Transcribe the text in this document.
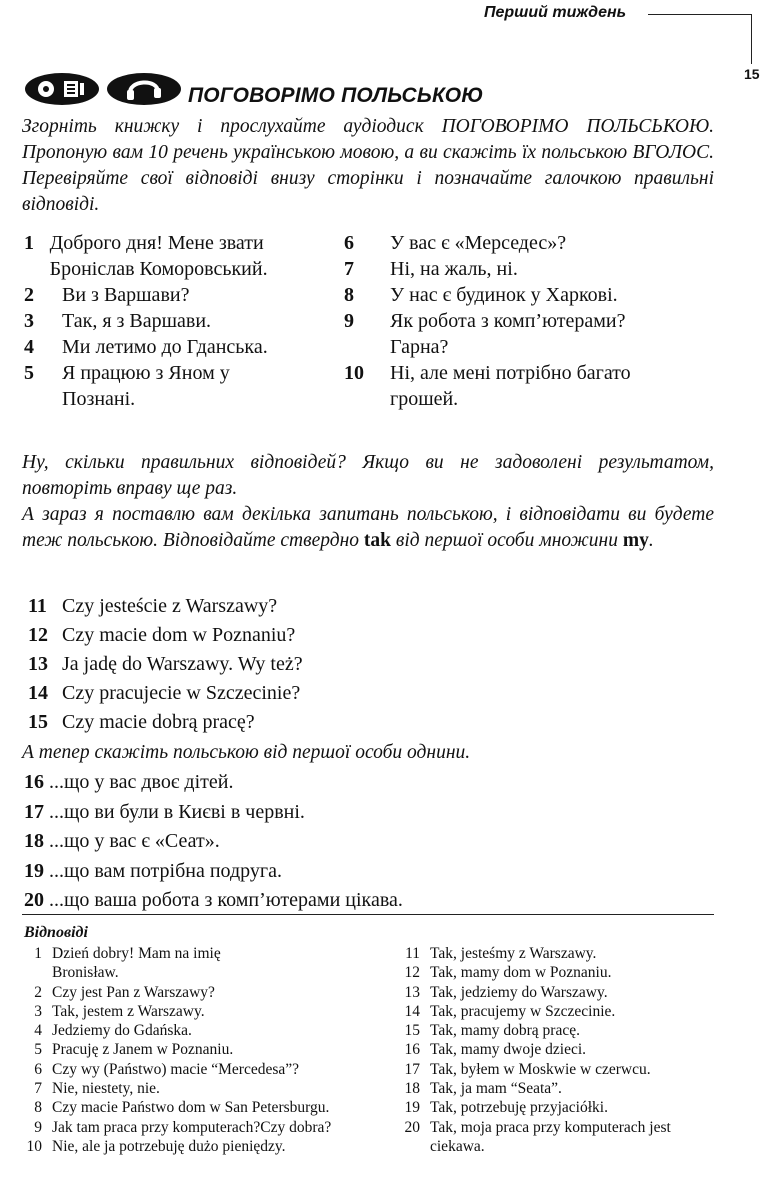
Перший тиждень
15
ПОГОВОРІМО ПОЛЬСЬКОЮ

Згорніть книжку і прослухайте аудіодиск ПОГОВОРІМО ПОЛЬСЬКОЮ. Пропоную вам 10 речень українською мовою, а ви скажіть їх польською ВГОЛОС. Перевіряйте свої відповіді внизу сторінки і позначайте галочкою правильні відповіді.

1 Доброго дня! Мене звати Броніслав Коморовський.
2	Ви з Варшави?
3	Так, я з Варшави.
4	Ми летимо до Гданська.
5	Я працюю з Яном у Познані.
6	У вас є «Мерседес»?
7	Ні, на жаль, ні.
8	У нас є будинок у Харкові.
9	Як робота з комп’ютерами? Гарна?
10	Ні, але мені потрібно багато грошей.

Ну, скільки правильних відповідей? Якщо ви не задоволені результатом, повторіть вправу ще раз.

А зараз я поставлю вам декілька запитань польською, і відповідати ви будете теж польською. Відповідайте ствердно tak від першої особи множини my.

11 Czy jesteście z Warszawy?
12 Czy macie dom w Poznaniu?
13 Ja jadę do Warszawy. Wy też?
14 Czy pracujecie w Szczecinie?
15 Czy macie dobrą pracę?

А тепер скажіть польською від першої особи однини.

16 ...що у вас двоє дітей.
17 ...що ви були в Києві в червні.
18 ...що у вас є «Сеат».
19 ...що вам потрібна подруга.
20 ...що ваша робота з комп’ютерами цікава.
Відповіді
1 Dzień dobry! Mam na imię Bronisław.
2 Czy jest Pan z Warszawy?
3 Tak, jestem z Warszawy.
4 Jedziemy do Gdańska.
5 Pracuję z Janem w Poznaniu.
6 Czy wy (Państwo) macie “Mercedesa”?
7 Nie, niestety, nie.
8 Czy macie Państwo dom w San Petersburgu.
9 Jak tam praca przy komputerach?Czy dobra?
10 Nie, ale ja potrzebuję dużo pieniędzy.
11 Tak, jesteśmy z Warszawy.
12 Tak, mamy dom w Poznaniu.
13 Tak, jedziemy do Warszawy.
14 Tak, pracujemy w Szczecinie.
15 Tak, mamy dobrą pracę.
16 Tak, mamy dwoje dzieci.
17 Tak, byłem w Moskwie w czerwcu.
18 Tak, ja mam “Seata”.
19 Tak, potrzebuję przyjaciółki.
20 Tak, moja praca przy komputerach jest ciekawa.
